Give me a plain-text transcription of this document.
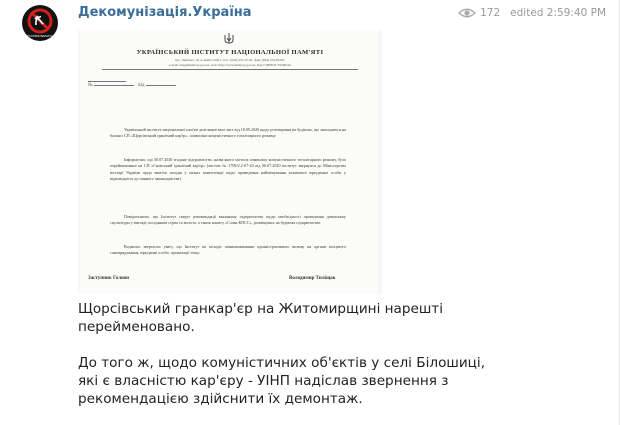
DECOMMUNIZATION
Декомунізація.Україна	172 edited 2:59:40 PM
УКРАЇНСЬКИЙ ІНСТИТУТ НАЦІОНАЛЬНОЇ ПАМ'ЯТІ
вул. Липська, 16, м. Київ, 01021, тел.: (044) 253-15-63, факс (044) 254-05-85,
e-mail: uinp@memory.gov.ua, web: http://www.memory.gov.ua, Код ЄДРПОУ 39309101
№	від
Український інститут національної пам'яті розглянув ваш лист від 18.09.2020 щодо розміщення на будівлях, що знаходяться на балансі СП «Щорсівський гранітний кар'єр», символіки комуністичного тоталітарного режиму.
Інформуємо, що 30.07.2020 згадане підприємство, назва якого містила символіку комуністичного тоталітарного режиму, було перейменовано на СП «Сновський гранітний кар'єр» (листом № 1709/2.2-07-20 від 06.07.2020 інститут звернувся до Міністерства юстиції України щодо вжиття заходів у межах компетенції щодо приведення найменування зазначеної юридичної особи у відповідність до чинного законодавства).
Повідомляємо, що Інститут скерує рекомендації вказаному підприємству щодо необхідності проведення демонтажу скульптури у вигляді посадників серпа та молота, а також напису «Слава КПСС», розміщених на будівлях підприємства.
Водночас звертаємо увагу, що Інститут не володіє повноваженнями адміністративного впливу на органи місцевого самоврядування, юридичні особи, організації тощо.
Заступник Голови	Володимир Тиліщак
Щорсівський гранкар'єр на Житомирщині нарешті
перейменовано.

До того ж, щодо комуністичних об'єктів у селі Білошиці,
які є власністю кар'єру - УІНП надіслав звернення з
рекомендацією здійснити їх демонтаж.
